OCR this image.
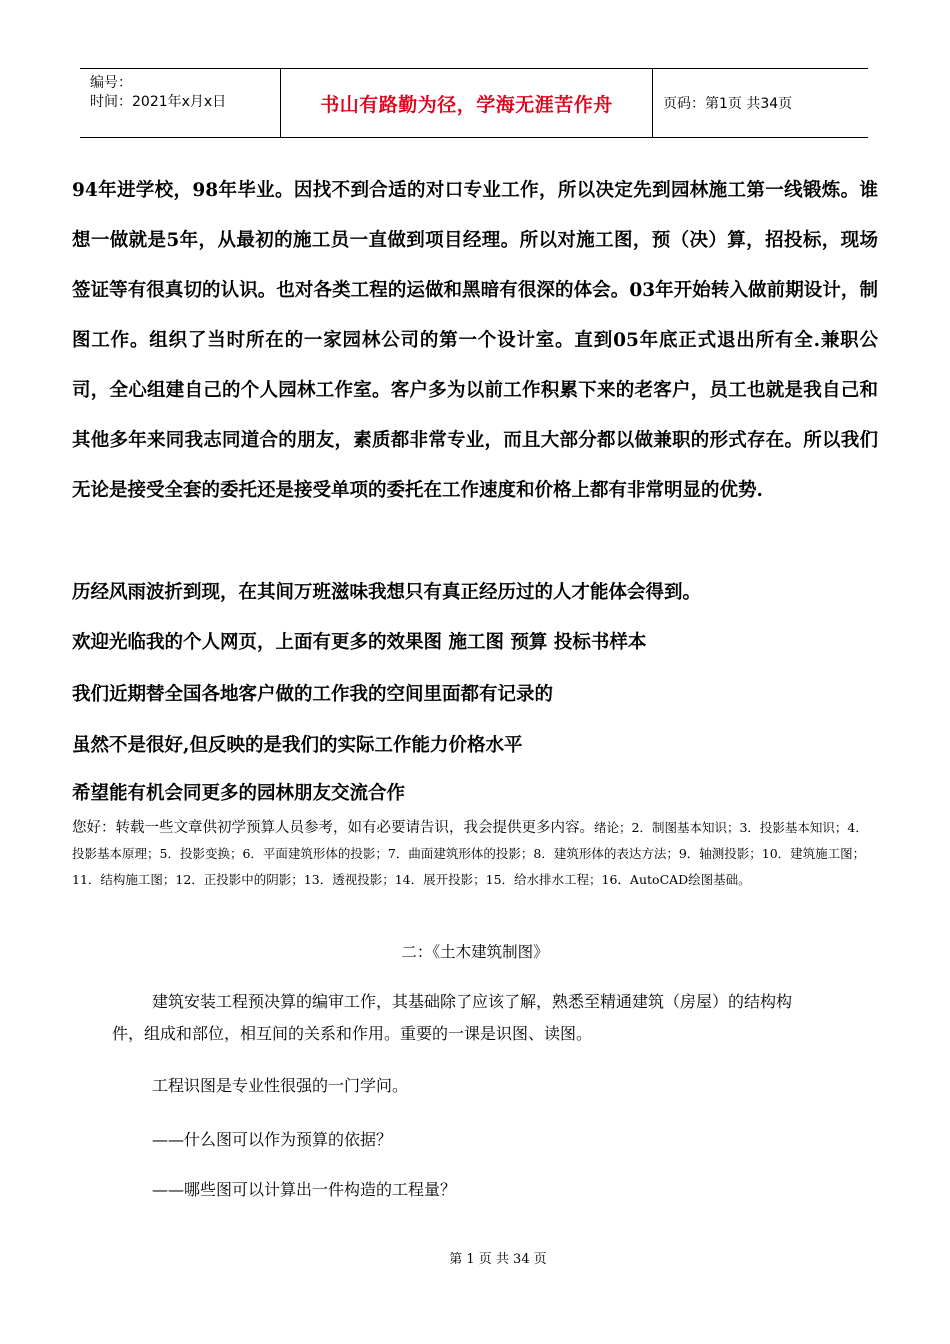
编号：
时间：2021年x月x日	书山有路勤为径，学海无涯苦作舟	页码：第1页 共34页

94年进学校，98年毕业。因找不到合适的对口专业工作，所以决定先到园林施工第一线锻炼。谁想一做就是5年，从最初的施工员一直做到项目经理。所以对施工图，预（决）算，招投标，现场签证等有很真切的认识。也对各类工程的运做和黑暗有很深的体会。03年开始转入做前期设计，制图工作。组织了当时所在的一家园林公司的第一个设计室。直到05年底正式退出所有全.兼职公司，全心组建自己的个人园林工作室。客户多为以前工作积累下来的老客户，员工也就是我自己和其他多年来同我志同道合的朋友，素质都非常专业，而且大部分都以做兼职的形式存在。所以我们无论是接受全套的委托还是接受单项的委托在工作速度和价格上都有非常明显的优势.

历经风雨波折到现，在其间万班滋味我想只有真正经历过的人才能体会得到。

欢迎光临我的个人网页，上面有更多的效果图 施工图 预算 投标书样本

我们近期替全国各地客户做的工作我的空间里面都有记录的

虽然不是很好,但反映的是我们的实际工作能力价格水平

希望能有机会同更多的园林朋友交流合作

您好：转载一些文章供初学预算人员参考，如有必要请告识，我会提供更多内容。绪论；2．制图基本知识；3．投影基本知识；4．投影基本原理；5．投影变换；6．平面建筑形体的投影；7．曲面建筑形体的投影；8．建筑形体的表达方法；9．轴测投影；10．建筑施工图；11．结构施工图；12．正投影中的阴影；13．透视投影；14．展开投影；15．给水排水工程；16．AutoCAD绘图基础。

二：《土木建筑制图》

建筑安装工程预决算的编审工作，其基础除了应该了解，熟悉至精通建筑（房屋）的结构构件，组成和部位，相互间的关系和作用。重要的一课是识图、读图。

工程识图是专业性很强的一门学问。

——什么图可以作为预算的依据？

——哪些图可以计算出一件构造的工程量？

第 1 页 共 34 页
